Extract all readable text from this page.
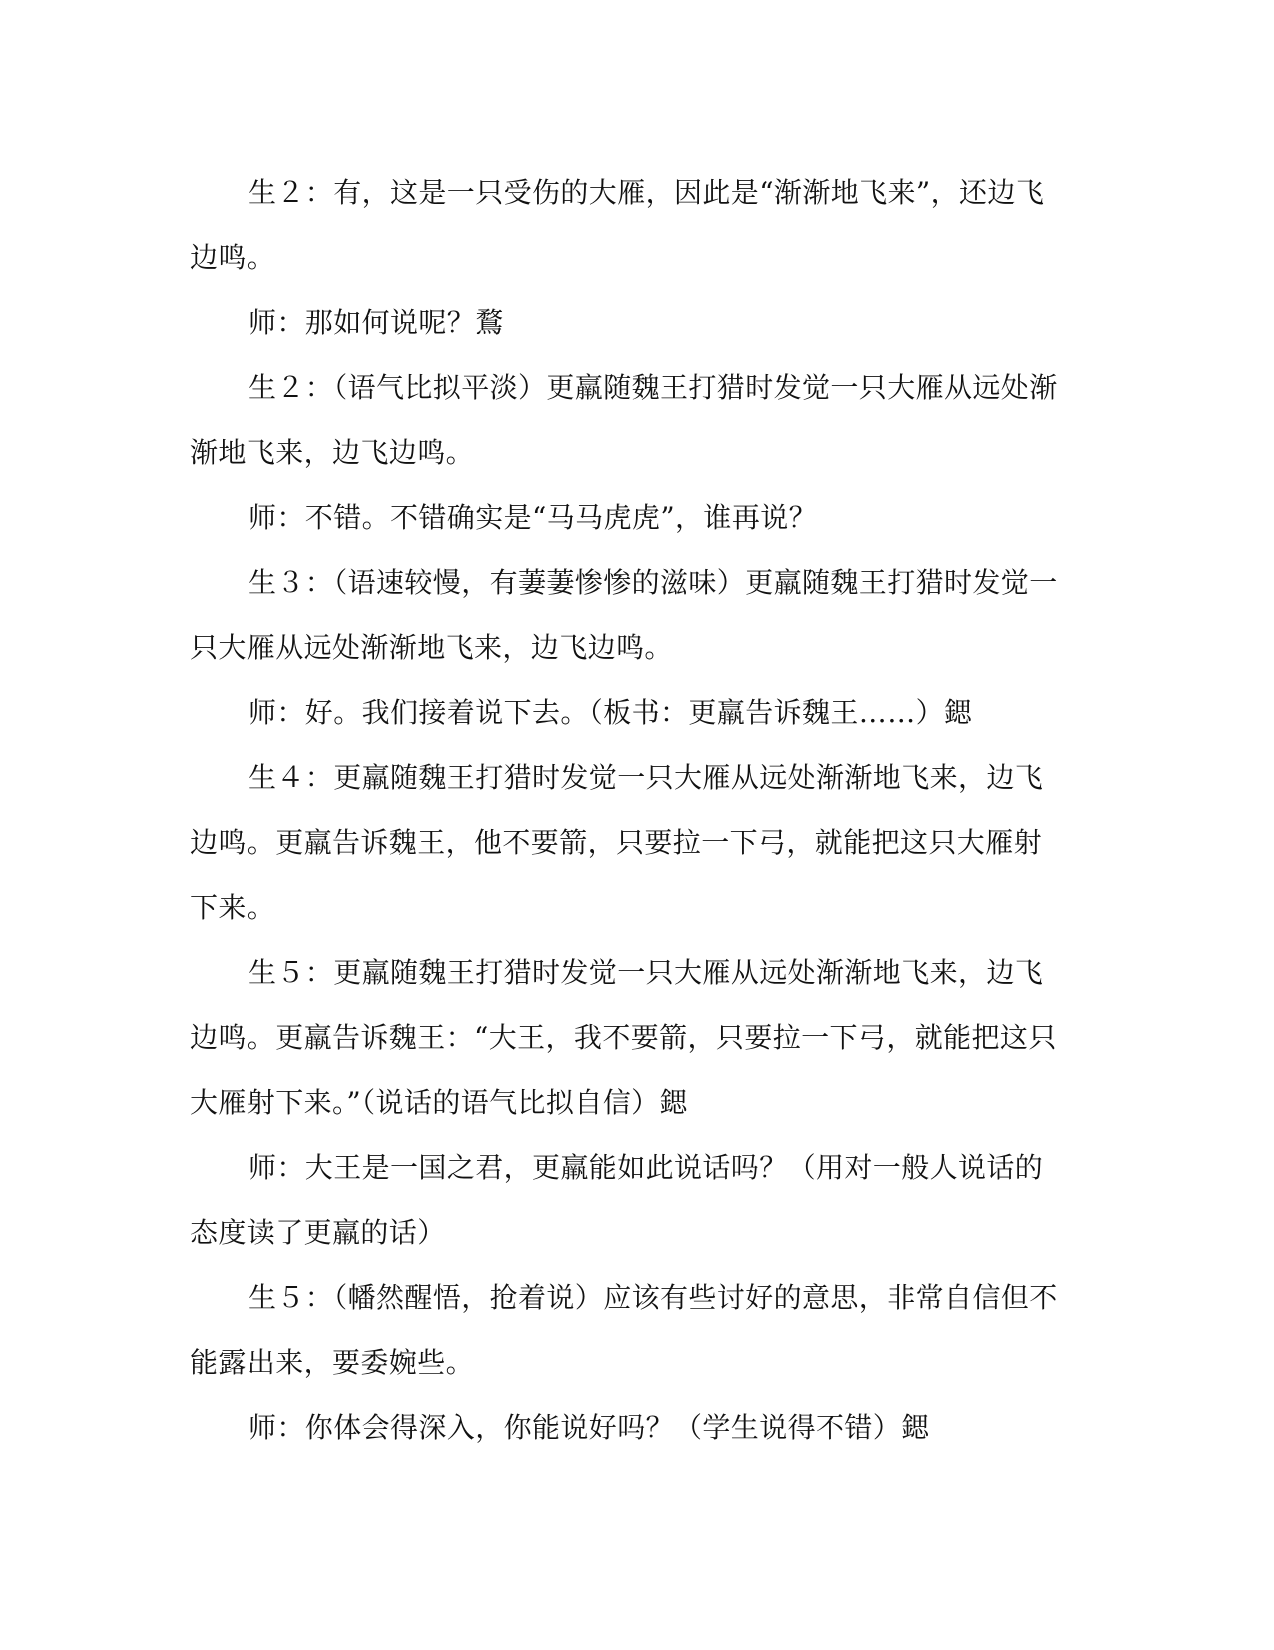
生２：有，这是一只受伤的大雁，因此是“渐渐地飞来”，还边飞边鸣。

师：那如何说呢？鶩

生２：（语气比拟平淡）更羸随魏王打猎时发觉一只大雁从远处渐渐地飞来，边飞边鸣。

师：不错。不错确实是“马马虎虎”，谁再说？

生３：（语速较慢，有萋萋惨惨的滋味）更羸随魏王打猎时发觉一只大雁从远处渐渐地飞来，边飞边鸣。

师：好。我们接着说下去。（板书：更羸告诉魏王……）鍶

生４：更羸随魏王打猎时发觉一只大雁从远处渐渐地飞来，边飞边鸣。更羸告诉魏王，他不要箭，只要拉一下弓，就能把这只大雁射下来。

生５：更羸随魏王打猎时发觉一只大雁从远处渐渐地飞来，边飞边鸣。更羸告诉魏王：“大王，我不要箭，只要拉一下弓，就能把这只大雁射下来。”（说话的语气比拟自信）鍶

师：大王是一国之君，更羸能如此说话吗？（用对一般人说话的态度读了更羸的话）

生５：（幡然醒悟，抢着说）应该有些讨好的意思，非常自信但不能露出来，要委婉些。

师：你体会得深入，你能说好吗？（学生说得不错）鍶
